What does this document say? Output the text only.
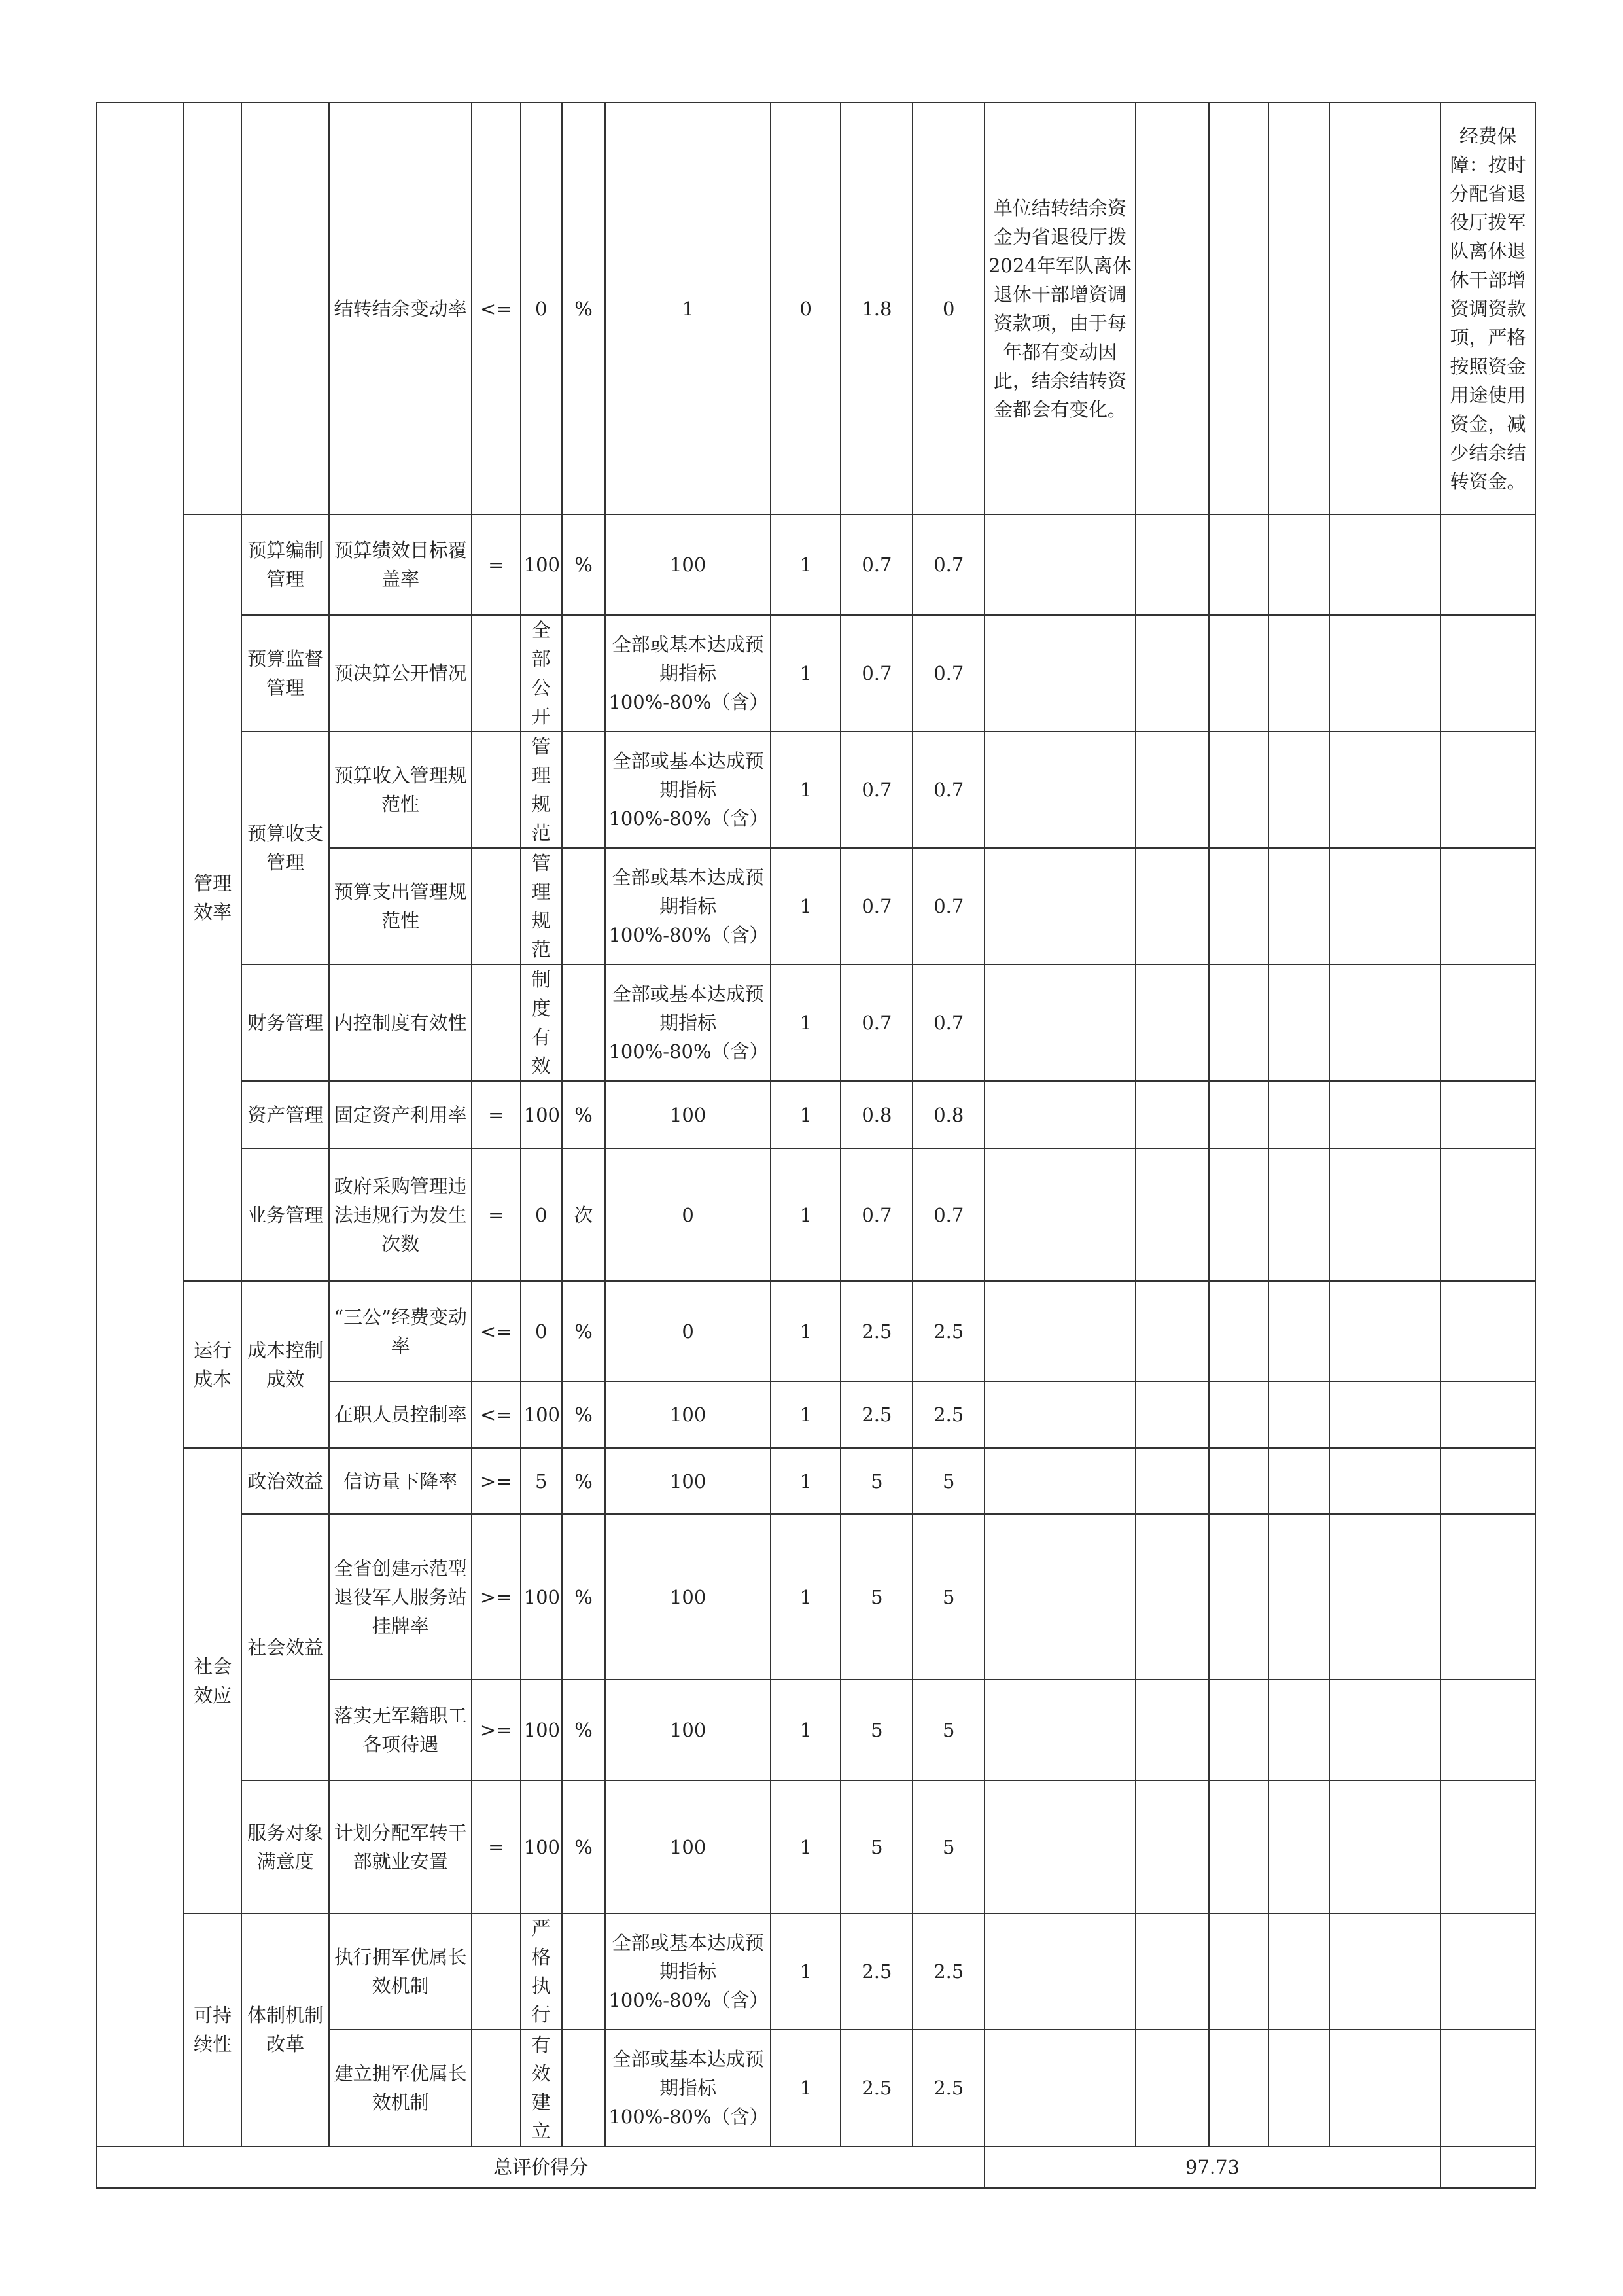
			结转结余变动率	<=	0	%	1	0	1.8	0	单位结转结余资金为省退役厅拨2024年军队离休退休干部增资调资款项，由于每年都有变动因此，结余结转资金都会有变化。					经费保障：按时分配省退役厅拨军队离休退休干部增资调资款项，严格按照资金用途使用资金，减少结余结转资金。
	管理效率	预算编制管理	预算绩效目标覆盖率	=	100	%	100	1	0.7	0.7						
		预算监督管理	预决算公开情况		全部公开		全部或基本达成预期指标100%-80%（含）	1	0.7	0.7						
		预算收支管理	预算收入管理规范性		管理规范		全部或基本达成预期指标100%-80%（含）	1	0.7	0.7						
			预算支出管理规范性		管理规范		全部或基本达成预期指标100%-80%（含）	1	0.7	0.7						
		财务管理	内控制度有效性		制度有效		全部或基本达成预期指标100%-80%（含）	1	0.7	0.7						
		资产管理	固定资产利用率	=	100	%	100	1	0.8	0.8						
		业务管理	政府采购管理违法违规行为发生次数	=	0	次	0	1	0.7	0.7						
	运行成本	成本控制成效	“三公”经费变动率	<=	0	%	0	1	2.5	2.5						
			在职人员控制率	<=	100	%	100	1	2.5	2.5						
	社会效应	政治效益	信访量下降率	>=	5	%	100	1	5	5						
		社会效益	全省创建示范型退役军人服务站挂牌率	>=	100	%	100	1	5	5						
			落实无军籍职工各项待遇	>=	100	%	100	1	5	5						
		服务对象满意度	计划分配军转干部就业安置	=	100	%	100	1	5	5						
	可持续性	体制机制改革	执行拥军优属长效机制		严格执行		全部或基本达成预期指标100%-80%（含）	1	2.5	2.5						
			建立拥军优属长效机制		有效建立		全部或基本达成预期指标100%-80%（含）	1	2.5	2.5						
总评价得分											97.73					
